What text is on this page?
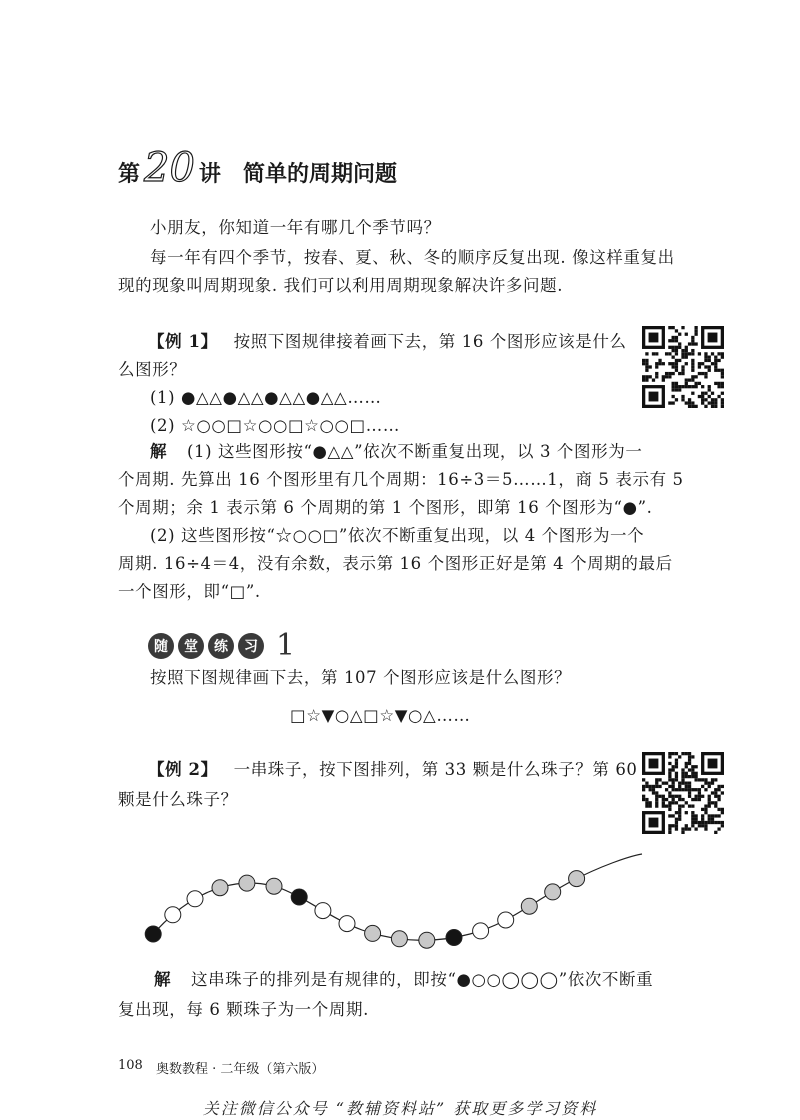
第 20 讲 简单的周期问题
小朋友，你知道一年有哪几个季节吗？
每一年有四个季节，按春、夏、秋、冬的顺序反复出现. 像这样重复出
现的现象叫周期现象. 我们可以利用周期现象解决许多问题.
【例 1】 按照下图规律接着画下去，第 16 个图形应该是什么
么图形？
(1) ●△△●△△●△△●△△……
(2) ☆○○□☆○○□☆○○□……
解 (1) 这些图形按“●△△”依次不断重复出现，以 3 个图形为一
个周期. 先算出 16 个图形里有几个周期：16÷3＝5……1，商 5 表示有 5
个周期；余 1 表示第 6 个周期的第 1 个图形，即第 16 个图形为“●”.
(2) 这些图形按“☆○○□”依次不断重复出现，以 4 个图形为一个
周期. 16÷4＝4，没有余数，表示第 16 个图形正好是第 4 个周期的最后
一个图形，即“□”.
随	堂	练	习 1
按照下图规律画下去，第 107 个图形应该是什么图形？
□☆▼○△□☆▼○△……
【例 2】 一串珠子，按下图排列，第 33 颗是什么珠子？第 60
颗是什么珠子？
解 这串珠子的排列是有规律的，即按“●○○◯◯◯”依次不断重
复出现，每 6 颗珠子为一个周期.
108 奥数教程 · 二年级（第六版）
关注微信公众号 “教辅资料站” 获取更多学习资料
